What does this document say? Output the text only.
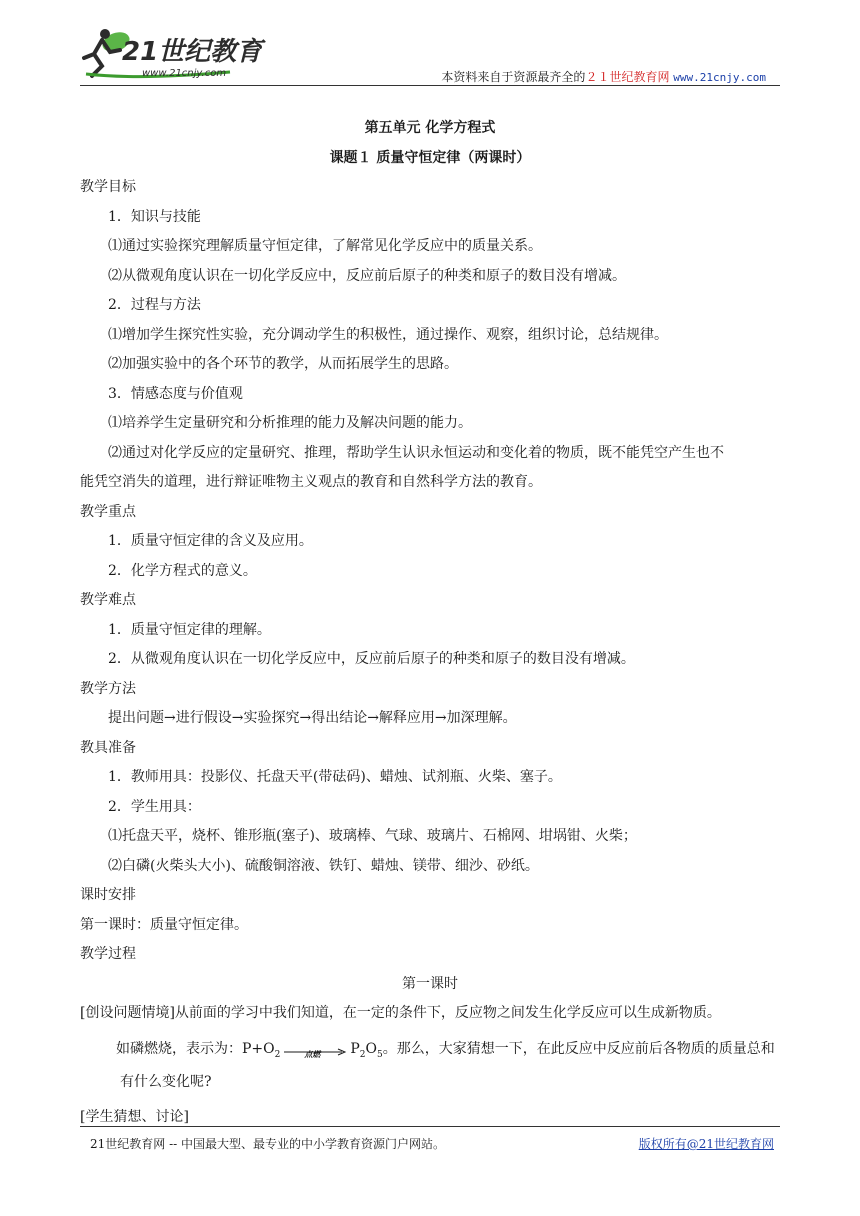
21世纪教育
www.21cnjy.com	本资料来自于资源最齐全的２１世纪教育网 www.21cnjy.com
第五单元 化学方程式
课题１ 质量守恒定律（两课时）
教学目标
1．知识与技能
⑴通过实验探究理解质量守恒定律，了解常见化学反应中的质量关系。
⑵从微观角度认识在一切化学反应中，反应前后原子的种类和原子的数目没有增减。
2．过程与方法
⑴增加学生探究性实验，充分调动学生的积极性，通过操作、观察，组织讨论，总结规律。
⑵加强实验中的各个环节的教学，从而拓展学生的思路。
3．情感态度与价值观
⑴培养学生定量研究和分析推理的能力及解决问题的能力。
⑵通过对化学反应的定量研究、推理，帮助学生认识永恒运动和变化着的物质，既不能凭空产生也不
能凭空消失的道理，进行辩证唯物主义观点的教育和自然科学方法的教育。
教学重点
1．质量守恒定律的含义及应用。
2．化学方程式的意义。
教学难点
1．质量守恒定律的理解。
2．从微观角度认识在一切化学反应中，反应前后原子的种类和原子的数目没有增减。
教学方法
提出问题→进行假设→实验探究→得出结论→解释应用→加深理解。
教具准备
1．教师用具：投影仪、托盘天平(带砝码)、蜡烛、试剂瓶、火柴、塞子。
2．学生用具：
⑴托盘天平，烧杯、锥形瓶(塞子)、玻璃棒、气球、玻璃片、石棉网、坩埚钳、火柴；
⑵白磷(火柴头大小)、硫酸铜溶液、铁钉、蜡烛、镁带、细沙、砂纸。
课时安排
第一课时：质量守恒定律。
教学过程
第一课时
[创设问题情境]从前面的学习中我们知道，在一定的条件下，反应物之间发生化学反应可以生成新物质。
如磷燃烧，表示为：$P+O_2$	点燃 $P_2O_5$。那么，大家猜想一下，在此反应中反应前后各物质的质量总和
有什么变化呢?
[学生猜想、讨论]
21世纪教育网 -- 中国最大型、最专业的中小学教育资源门户网站。	版权所有@21世纪教育网
